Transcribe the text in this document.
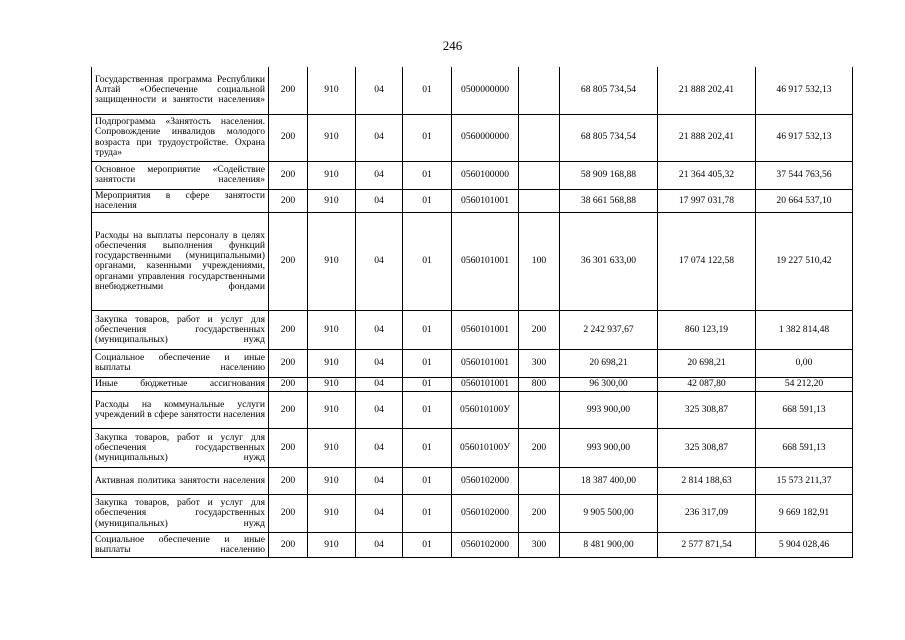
246
Государственная программа Республики Алтай «Обеспечение социальной защищенности и занятости населения»	200	910	04	01	0500000000		68 805 734,54	21 888 202,41	46 917 532,13
Подпрограмма «Занятость населения. Сопровождение инвалидов молодого возраста при трудоустройстве. Охрана труда»	200	910	04	01	0560000000		68 805 734,54	21 888 202,41	46 917 532,13
Основное мероприятие «Содействие занятости населения»	200	910	04	01	0560100000		58 909 168,88	21 364 405,32	37 544 763,56
Мероприятия в сфере занятости населения	200	910	04	01	0560101001		38 661 568,88	17 997 031,78	20 664 537,10
Расходы на выплаты персоналу в целях обеспечения выполнения функций государственными (муниципальными) органами, казенными учреждениями, органами управления государственными внебюджетными фондами	200	910	04	01	0560101001	100	36 301 633,00	17 074 122,58	19 227 510,42
Закупка товаров, работ и услуг для обеспечения государственных (муниципальных) нужд	200	910	04	01	0560101001	200	2 242 937,67	860 123,19	1 382 814,48
Социальное обеспечение и иные выплаты населению	200	910	04	01	0560101001	300	20 698,21	20 698,21	0,00
Иные бюджетные ассигнования	200	910	04	01	0560101001	800	96 300,00	42 087,80	54 212,20
Расходы на коммунальные услуги учреждений в сфере занятости населения	200	910	04	01	056010100У		993 900,00	325 308,87	668 591,13
Закупка товаров, работ и услуг для обеспечения государственных (муниципальных) нужд	200	910	04	01	056010100У	200	993 900,00	325 308,87	668 591,13
Активная политика занятости населения	200	910	04	01	0560102000		18 387 400,00	2 814 188,63	15 573 211,37
Закупка товаров, работ и услуг для обеспечения государственных (муниципальных) нужд	200	910	04	01	0560102000	200	9 905 500,00	236 317,09	9 669 182,91
Социальное обеспечение и иные выплаты населению	200	910	04	01	0560102000	300	8 481 900,00	2 577 871,54	5 904 028,46
